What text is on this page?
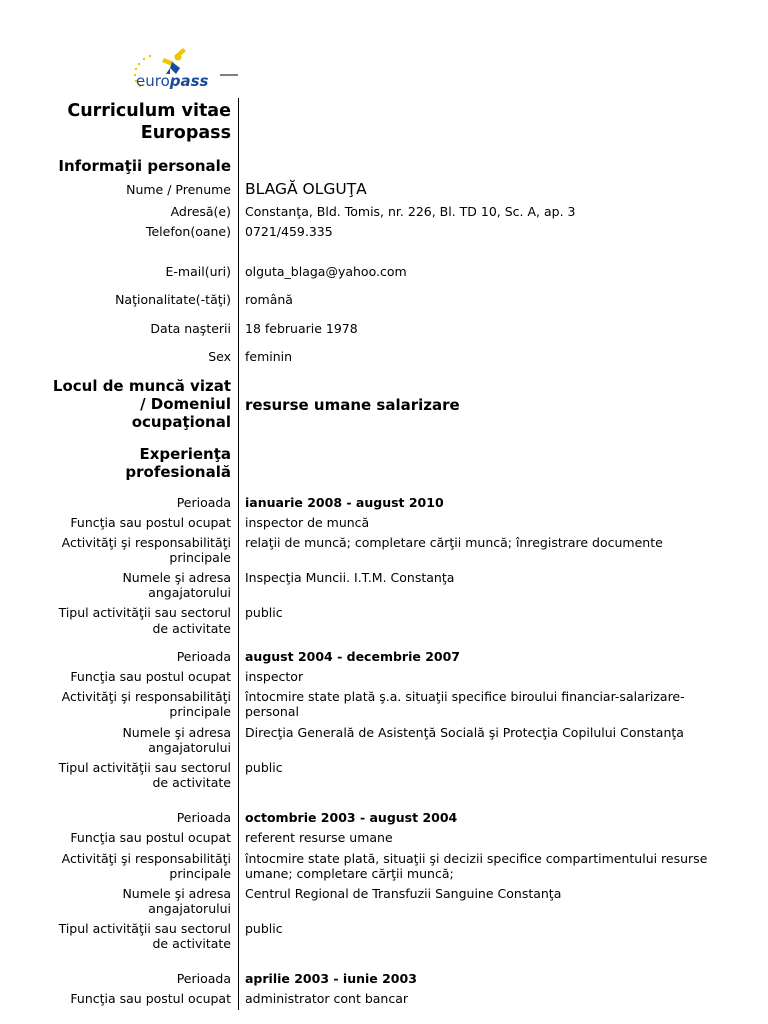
europass
Curriculum vitae
Europass
Informaţii personale
Nume / Prenume BLAGĂ OLGUŢA
Adresă(e) Constanţa, Bld. Tomis, nr. 226, Bl. TD 10, Sc. A, ap. 3
Telefon(oane) 0721/459.335
E-mail(uri) olguta_blaga@yahoo.com
Naţionalitate(-tăţi) română
Data naşterii 18 februarie 1978
Sex feminin
Locul de muncă vizat
/ Domeniul
ocupaţional
resurse umane salarizare
Experienţa
profesională
Perioada ianuarie 2008 - august 2010
Funcţia sau postul ocupat inspector de muncă
Activităţi şi responsabilităţi
principale
relaţii de muncă; completare cărţii muncă; înregistrare documente
Numele şi adresa
angajatorului
Inspecţia Muncii. I.T.M. Constanţa
Tipul activităţii sau sectorul
de activitate
public
Perioada august 2004 - decembrie 2007
Funcţia sau postul ocupat inspector
Activităţi şi responsabilităţi
principale
întocmire state plată ş.a. situaţii specifice biroului financiar-salarizare-
personal
Numele şi adresa
angajatorului
Direcţia Generală de Asistenţă Socială şi Protecţia Copilului Constanţa
Tipul activităţii sau sectorul
de activitate
public
Perioada octombrie 2003 - august 2004
Funcţia sau postul ocupat referent resurse umane
Activităţi şi responsabilităţi
principale
întocmire state plată, situaţii şi decizii specifice compartimentului resurse
umane; completare cărţii muncă;
Numele şi adresa
angajatorului
Centrul Regional de Transfuzii Sanguine Constanţa
Tipul activităţii sau sectorul
de activitate
public
Perioada aprilie 2003 - iunie 2003
Funcţia sau postul ocupat administrator cont bancar
